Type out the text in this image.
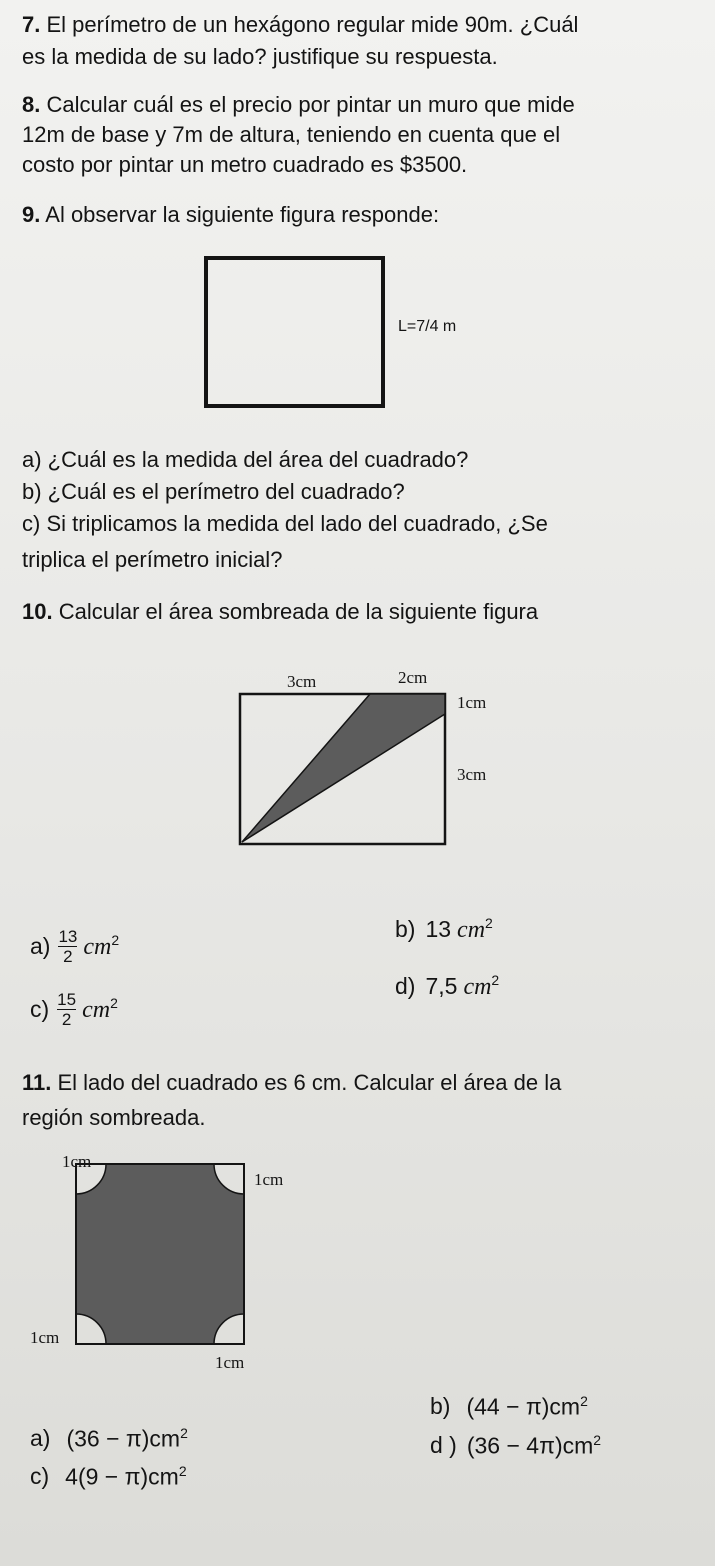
7. El perímetro de un hexágono regular mide 90m. ¿Cuál
es la medida de su lado? justifique su respuesta.
8. Calcular cuál es el precio por pintar un muro que mide
12m de base y 7m de altura, teniendo en cuenta que el
costo por pintar un metro cuadrado es $3500.
9. Al observar la siguiente figura responde:
L=7/4 m
a) ¿Cuál es la medida del área del cuadrado?
b) ¿Cuál es el perímetro del cuadrado?
c) Si triplicamos la medida del lado del cuadrado, ¿Se
triplica el perímetro inicial?
10. Calcular el área sombreada de la siguiente figura
3cm	2cm
1cm
3cm
$a) \frac{13}{2} cm^2$	b) 13 $cm^2$
$c) \frac{15}{2} cm^2$
d) 7,5 $cm^2$
11. El lado del cuadrado es 6 cm. Calcular el área de la
región sombreada.
1cm
1cm
1cm
1cm
a) $(36 - \pi)cm^2$
b) $(44 - \pi)cm^2$
c) $4(9 - \pi)cm^2$
d ) $(36 - 4\pi)cm^2$
